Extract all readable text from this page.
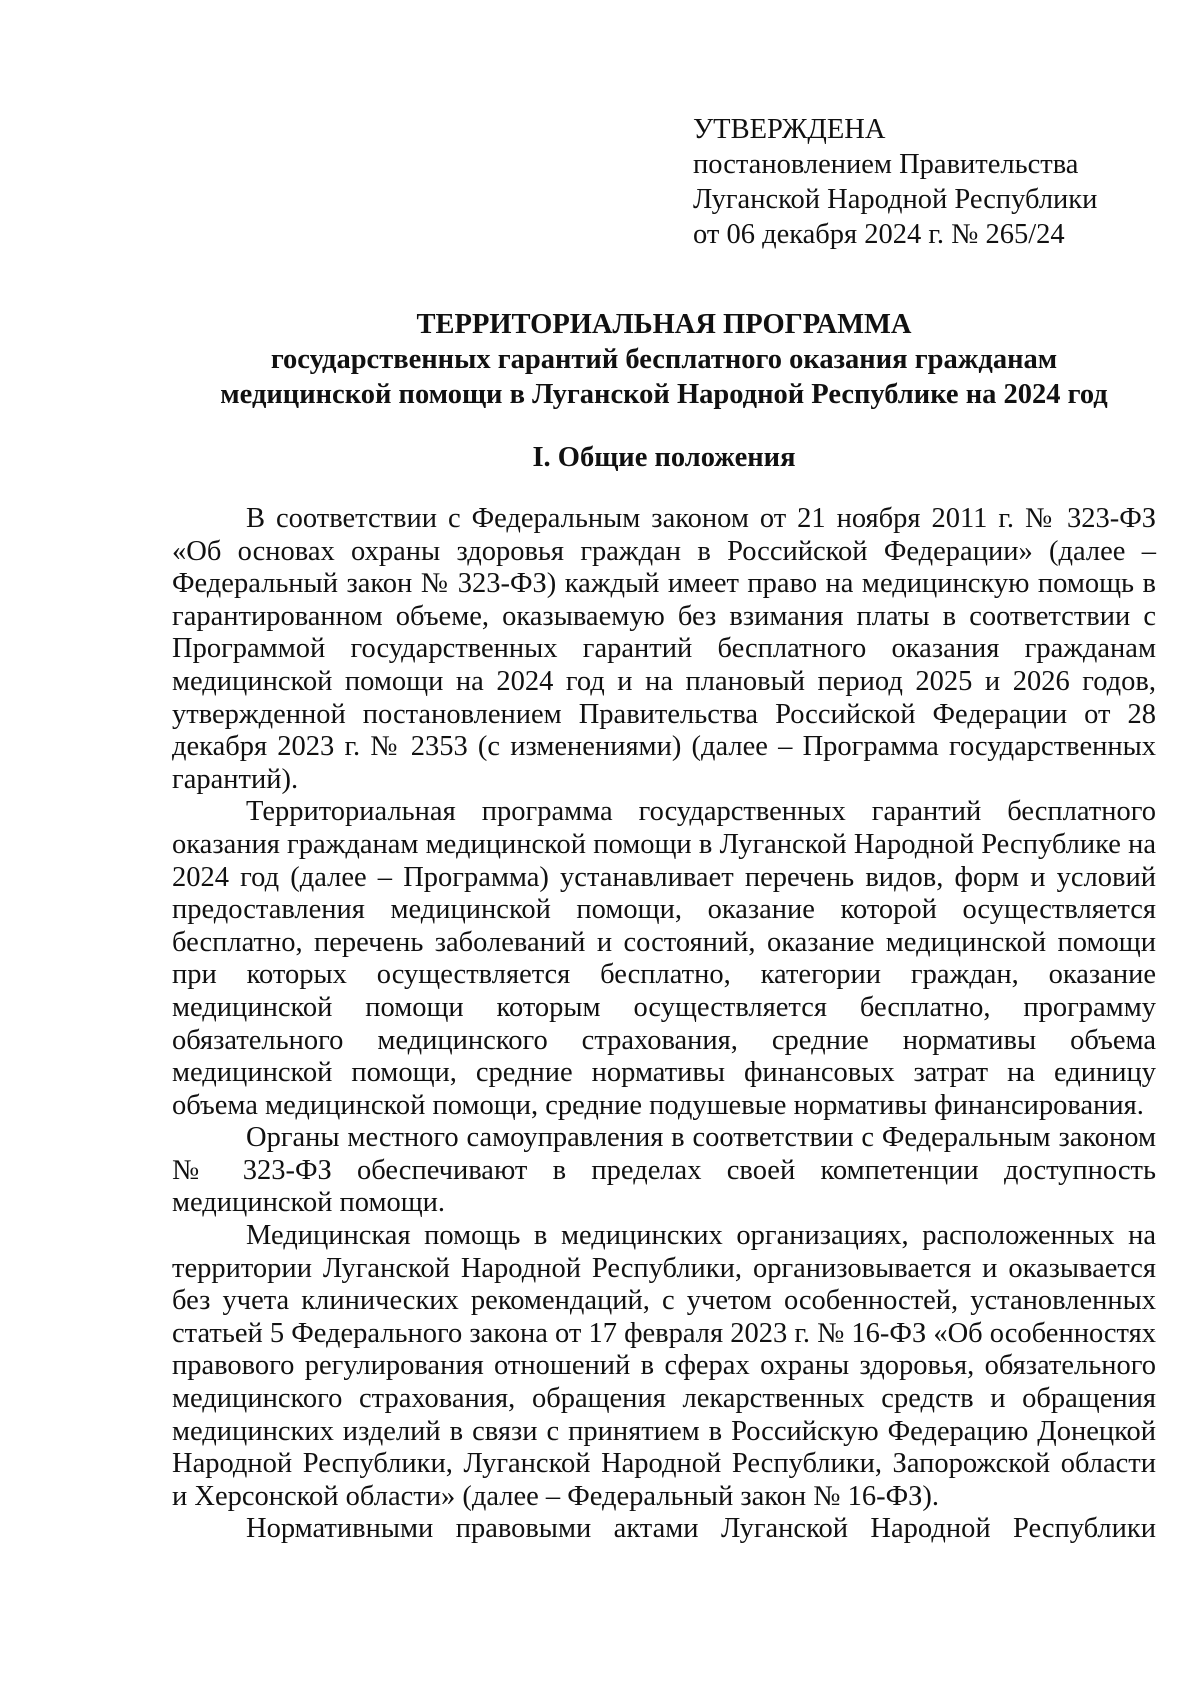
УТВЕРЖДЕНА
постановлением Правительства
Луганской Народной Республики
от 06 декабря 2024 г. № 265/24
ТЕРРИТОРИАЛЬНАЯ ПРОГРАММА
государственных гарантий бесплатного оказания гражданам
медицинской помощи в Луганской Народной Республике на 2024 год
I. Общие положения

В соответствии с Федеральным законом от 21 ноября 2011 г. № 323-ФЗ «Об основах охраны здоровья граждан в Российской Федерации» (далее – Федеральный закон № 323-ФЗ) каждый имеет право на медицинскую помощь в гарантированном объеме, оказываемую без взимания платы в соответствии с Программой государственных гарантий бесплатного оказания гражданам медицинской помощи на 2024 год и на плановый период 2025 и 2026 годов, утвержденной постановлением Правительства Российской Федерации от 28 декабря 2023 г. № 2353 (с изменениями) (далее – Программа государственных гарантий).

Территориальная программа государственных гарантий бесплатного оказания гражданам медицинской помощи в Луганской Народной Республике на 2024 год (далее – Программа) устанавливает перечень видов, форм и условий предоставления медицинской помощи, оказание которой осуществляется бесплатно, перечень заболеваний и состояний, оказание медицинской помощи при которых осуществляется бесплатно, категории граждан, оказание медицинской помощи которым осуществляется бесплатно, программу обязательного медицинского страхования, средние нормативы объема медицинской помощи, средние нормативы финансовых затрат на единицу объема медицинской помощи, средние подушевые нормативы финансирования.

Органы местного самоуправления в соответствии с Федеральным законом № 323-ФЗ обеспечивают в пределах своей компетенции доступность медицинской помощи.

Медицинская помощь в медицинских организациях, расположенных на территории Луганской Народной Республики, организовывается и оказывается без учета клинических рекомендаций, с учетом особенностей, установленных статьей 5 Федерального закона от 17 февраля 2023 г. № 16-ФЗ «Об особенностях правового регулирования отношений в сферах охраны здоровья, обязательного медицинского страхования, обращения лекарственных средств и обращения медицинских изделий в связи с принятием в Российскую Федерацию Донецкой Народной Республики, Луганской Народной Республики, Запорожской области и Херсонской области» (далее – Федеральный закон № 16-ФЗ).

Нормативными правовыми актами Луганской Народной Республики
